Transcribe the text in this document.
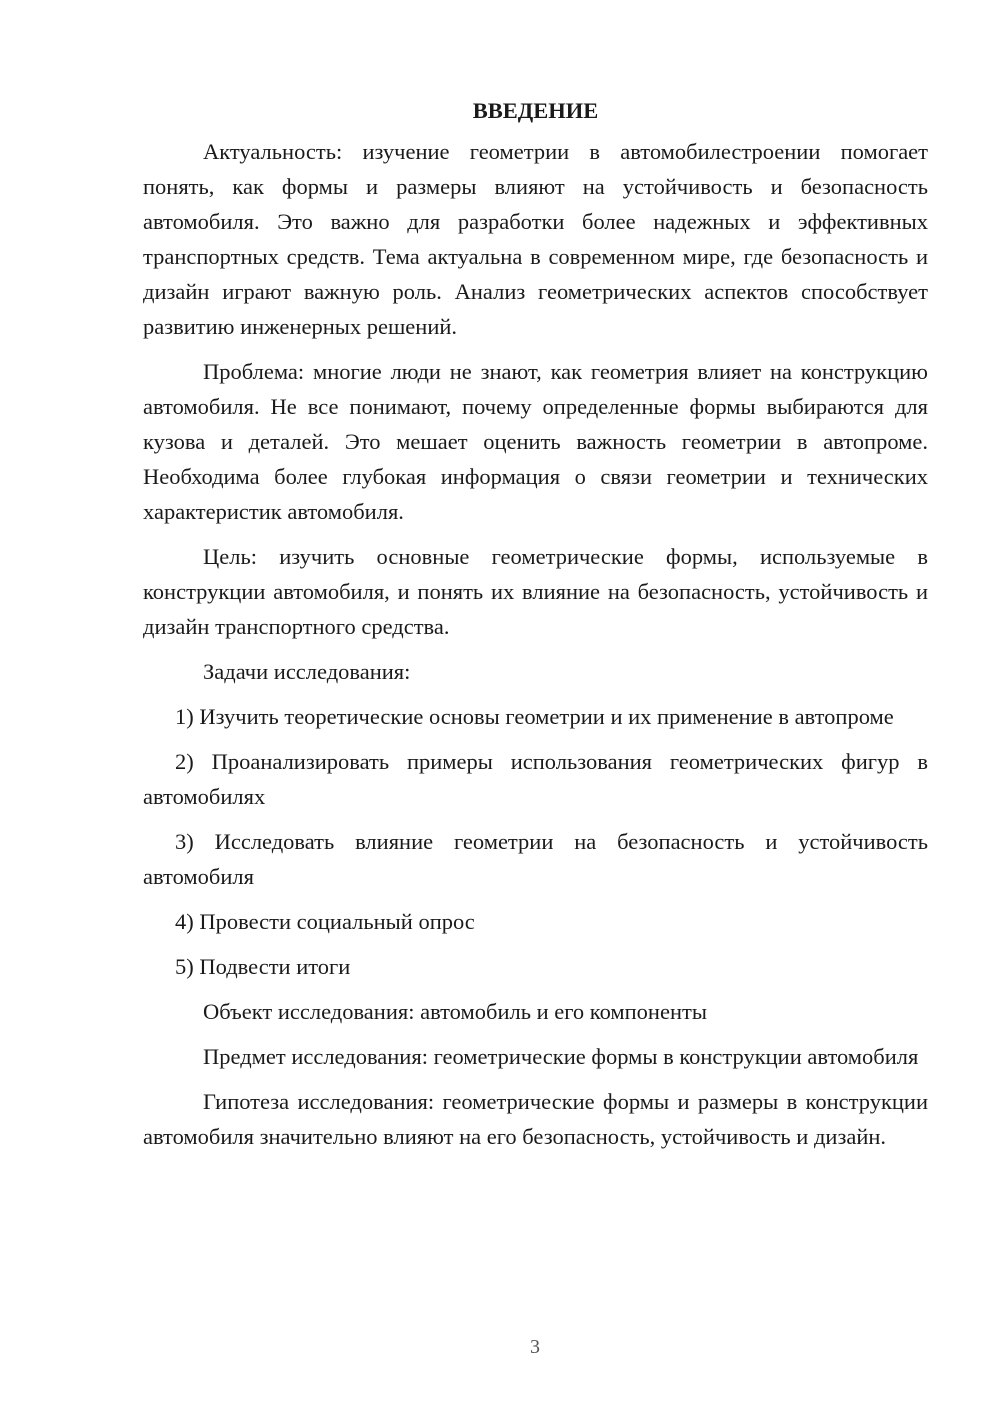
ВВЕДЕНИЕ

Актуальность: изучение геометрии в автомобилестроении помогает понять, как формы и размеры влияют на устойчивость и безопасность автомобиля. Это важно для разработки более надежных и эффективных транспортных средств. Тема актуальна в современном мире, где безопасность и дизайн играют важную роль. Анализ геометрических аспектов способствует развитию инженерных решений.

Проблема: многие люди не знают, как геометрия влияет на конструкцию автомобиля. Не все понимают, почему определенные формы выбираются для кузова и деталей. Это мешает оценить важность геометрии в автопроме. Необходима более глубокая информация о связи геометрии и технических характеристик автомобиля.

Цель: изучить основные геометрические формы, используемые в конструкции автомобиля, и понять их влияние на безопасность, устойчивость и дизайн транспортного средства.

Задачи исследования:

1) Изучить теоретические основы геометрии и их применение в автопроме

2) Проанализировать примеры использования геометрических фигур в автомобилях

3) Исследовать влияние геометрии на безопасность и устойчивость автомобиля

4) Провести социальный опрос

5) Подвести итоги

Объект исследования: автомобиль и его компоненты

Предмет исследования: геометрические формы в конструкции автомобиля

Гипотеза исследования: геометрические формы и размеры в конструкции автомобиля значительно влияют на его безопасность, устойчивость и дизайн.

3
